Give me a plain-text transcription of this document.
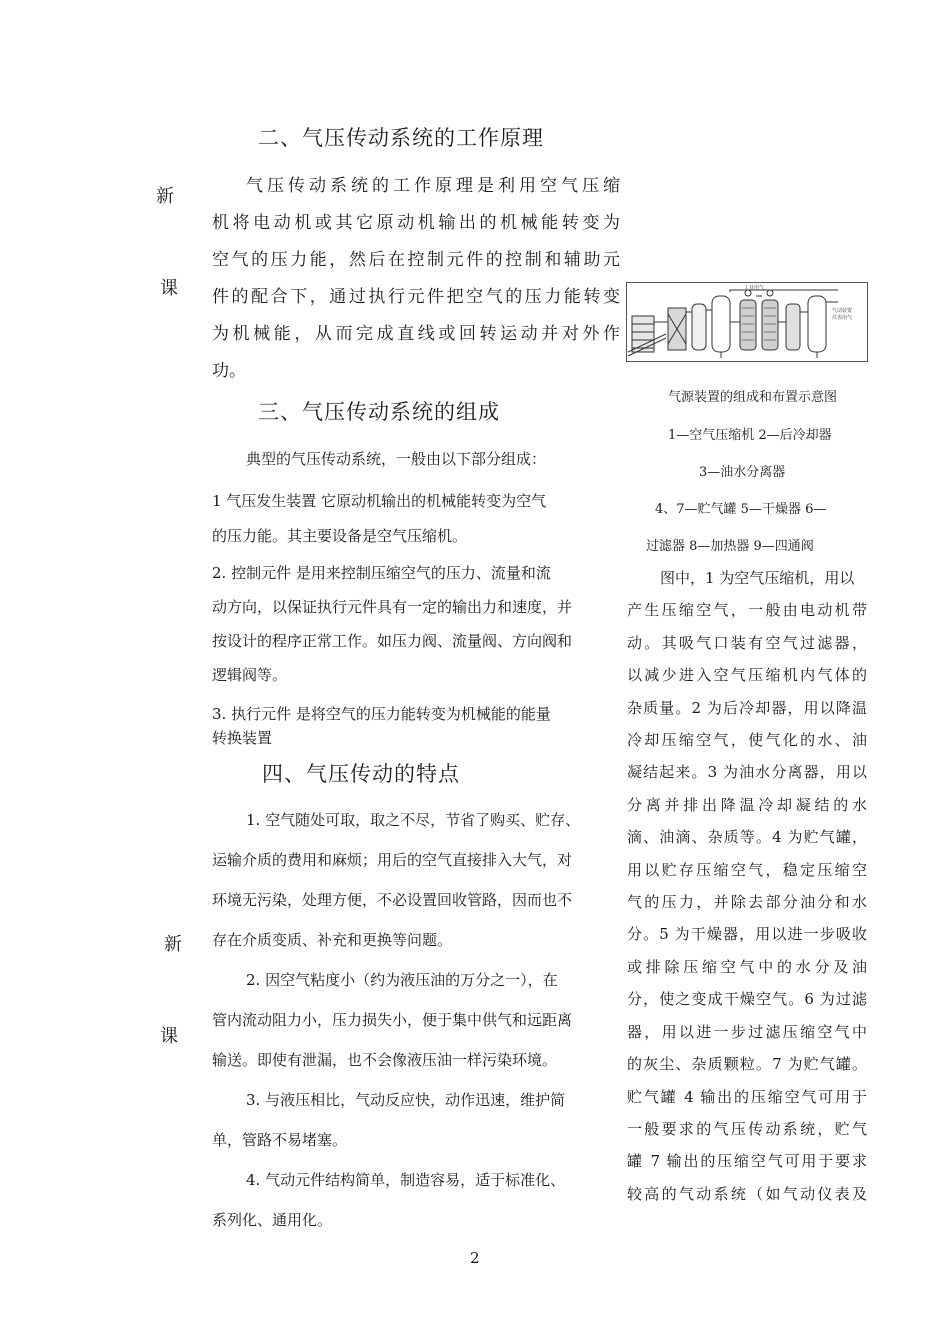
新
课
新
课
二、气压传动系统的工作原理
气压传动系统的工作原理是利用空气压缩
机将电动机或其它原动机输出的机械能转变为
空气的压力能，然后在控制元件的控制和辅助元
件的配合下，通过执行元件把空气的压力能转变
为机械能，从而完成直线或回转运动并对外作
功。
三、气压传动系统的组成
典型的气压传动系统，一般由以下部分组成：
1 气压发生装置 它原动机输出的机械能转变为空气
的压力能。其主要设备是空气压缩机。
2. 控制元件 是用来控制压缩空气的压力、流量和流
动方向，以保证执行元件具有一定的输出力和速度，并
按设计的程序正常工作。如压力阀、流量阀、方向阀和
逻辑阀等。
3. 执行元件 是将空气的压力能转变为机械能的能量
转换装置
四、气压传动的特点
1. 空气随处可取，取之不尽，节省了购买、贮存、
运输介质的费用和麻烦；用后的空气直接排入大气，对
环境无污染，处理方便，不必设置回收管路，因而也不
存在介质变质、补充和更换等问题。
2. 因空气粘度小（约为液压油的万分之一），在
管内流动阻力小，压力损失小，便于集中供气和远距离
输送。即使有泄漏，也不会像液压油一样污染环境。
3. 与液压相比，气动反应快，动作迅速，维护简
单，管路不易堵塞。
4. 气动元件结构简单，制造容易，适于标准化、
系列化、通用化。
工业用气
气动装置
仪表用气
气源装置的组成和布置示意图
1—空气压缩机 2—后冷却器
3—油水分离器
4、7—贮气罐 5—干燥器 6—
过滤器 8—加热器 9—四通阀
图中，1 为空气压缩机，用以
产生压缩空气，一般由电动机带
动。其吸气口装有空气过滤器，
以减少进入空气压缩机内气体的
杂质量。2 为后冷却器，用以降温
冷却压缩空气，使气化的水、油
凝结起来。3 为油水分离器，用以
分离并排出降温冷却凝结的水
滴、油滴、杂质等。4 为贮气罐，
用以贮存压缩空气，稳定压缩空
气的压力，并除去部分油分和水
分。5 为干燥器，用以进一步吸收
或排除压缩空气中的水分及油
分，使之变成干燥空气。6 为过滤
器，用以进一步过滤压缩空气中
的灰尘、杂质颗粒。7 为贮气罐。
贮气罐 4 输出的压缩空气可用于
一般要求的气压传动系统，贮气
罐 7 输出的压缩空气可用于要求
较高的气动系统（如气动仪表及
2
